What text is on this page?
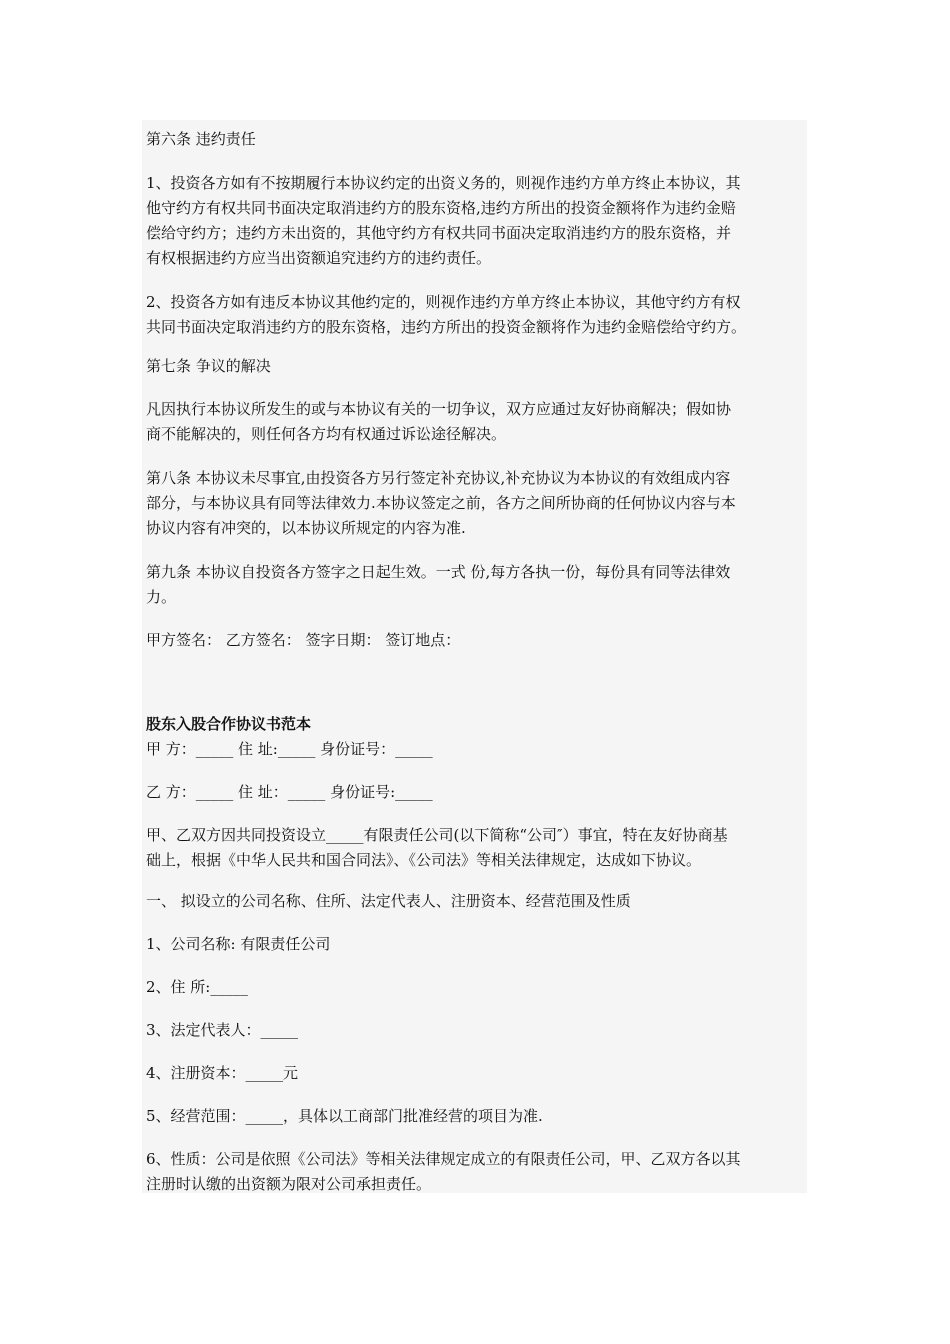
第六条 违约责任
1、投资各方如有不按期履行本协议约定的出资义务的，则视作违约方单方终止本协议，其
他守约方有权共同书面决定取消违约方的股东资格,违约方所出的投资金额将作为违约金赔
偿给守约方；违约方未出资的，其他守约方有权共同书面决定取消违约方的股东资格，并
有权根据违约方应当出资额追究违约方的违约责任。
2、投资各方如有违反本协议其他约定的，则视作违约方单方终止本协议，其他守约方有权
共同书面决定取消违约方的股东资格，违约方所出的投资金额将作为违约金赔偿给守约方。
第七条 争议的解决
凡因执行本协议所发生的或与本协议有关的一切争议，双方应通过友好协商解决；假如协
商不能解决的，则任何各方均有权通过诉讼途径解决。
第八条 本协议未尽事宜,由投资各方另行签定补充协议,补充协议为本协议的有效组成内容
部分，与本协议具有同等法律效力.本协议签定之前，各方之间所协商的任何协议内容与本
协议内容有冲突的，以本协议所规定的内容为准.
第九条 本协议自投资各方签字之日起生效。一式 份,每方各执一份，每份具有同等法律效
力。
甲方签名： 乙方签名： 签字日期： 签订地点：
股东入股合作协议书范本
甲 方：_____ 住 址:_____ 身份证号：_____
乙 方：_____ 住 址：_____ 身份证号:_____
甲、乙双方因共同投资设立_____有限责任公司(以下简称“公司″）事宜，特在友好协商基
础上，根据《中华人民共和国合同法》、《公司法》等相关法律规定，达成如下协议。
一、 拟设立的公司名称、住所、法定代表人、注册资本、经营范围及性质
1、公司名称: 有限责任公司
2、住 所:_____
3、法定代表人：_____
4、注册资本：_____元
5、经营范围：_____，具体以工商部门批准经营的项目为准.
6、性质：公司是依照《公司法》等相关法律规定成立的有限责任公司，甲、乙双方各以其
注册时认缴的出资额为限对公司承担责任。
